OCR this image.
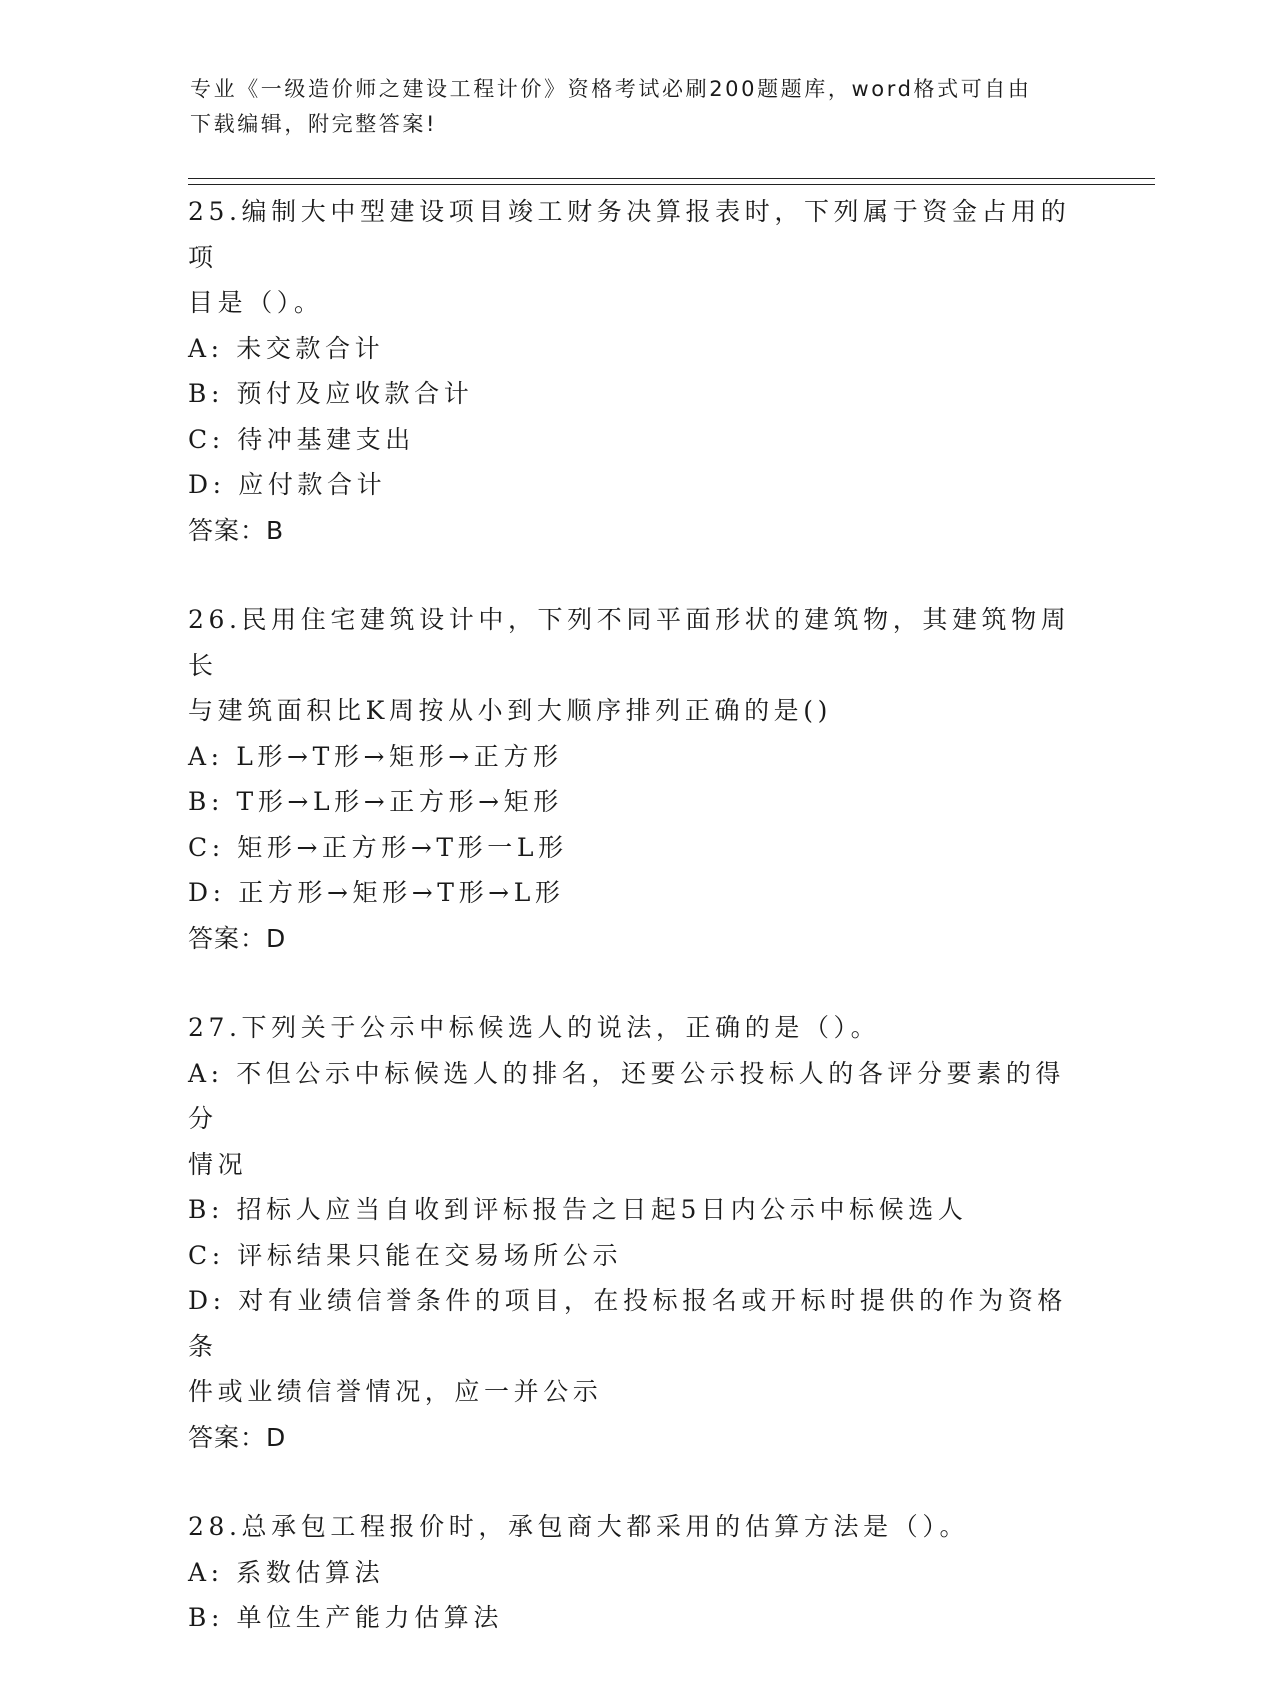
专业《一级造价师之建设工程计价》资格考试必刷200题题库，word格式可自由
下载编辑，附完整答案!
25.编制大中型建设项目竣工财务决算报表时，下列属于资金占用的项
目是（）。
A: 未交款合计
B: 预付及应收款合计
C: 待冲基建支出
D: 应付款合计
答案：B
26.民用住宅建筑设计中，下列不同平面形状的建筑物，其建筑物周长
与建筑面积比K周按从小到大顺序排列正确的是()
A: L形→T形→矩形→正方形
B: T形→L形→正方形→矩形
C: 矩形→正方形→T形一L形
D: 正方形→矩形→T形→L形
答案：D
27.下列关于公示中标候选人的说法，正确的是（）。
A: 不但公示中标候选人的排名，还要公示投标人的各评分要素的得分
情况
B: 招标人应当自收到评标报告之日起5日内公示中标候选人
C: 评标结果只能在交易场所公示
D: 对有业绩信誉条件的项目，在投标报名或开标时提供的作为资格条
件或业绩信誉情况，应一并公示
答案：D
28.总承包工程报价时，承包商大都采用的估算方法是（）。
A: 系数估算法
B: 单位生产能力估算法
